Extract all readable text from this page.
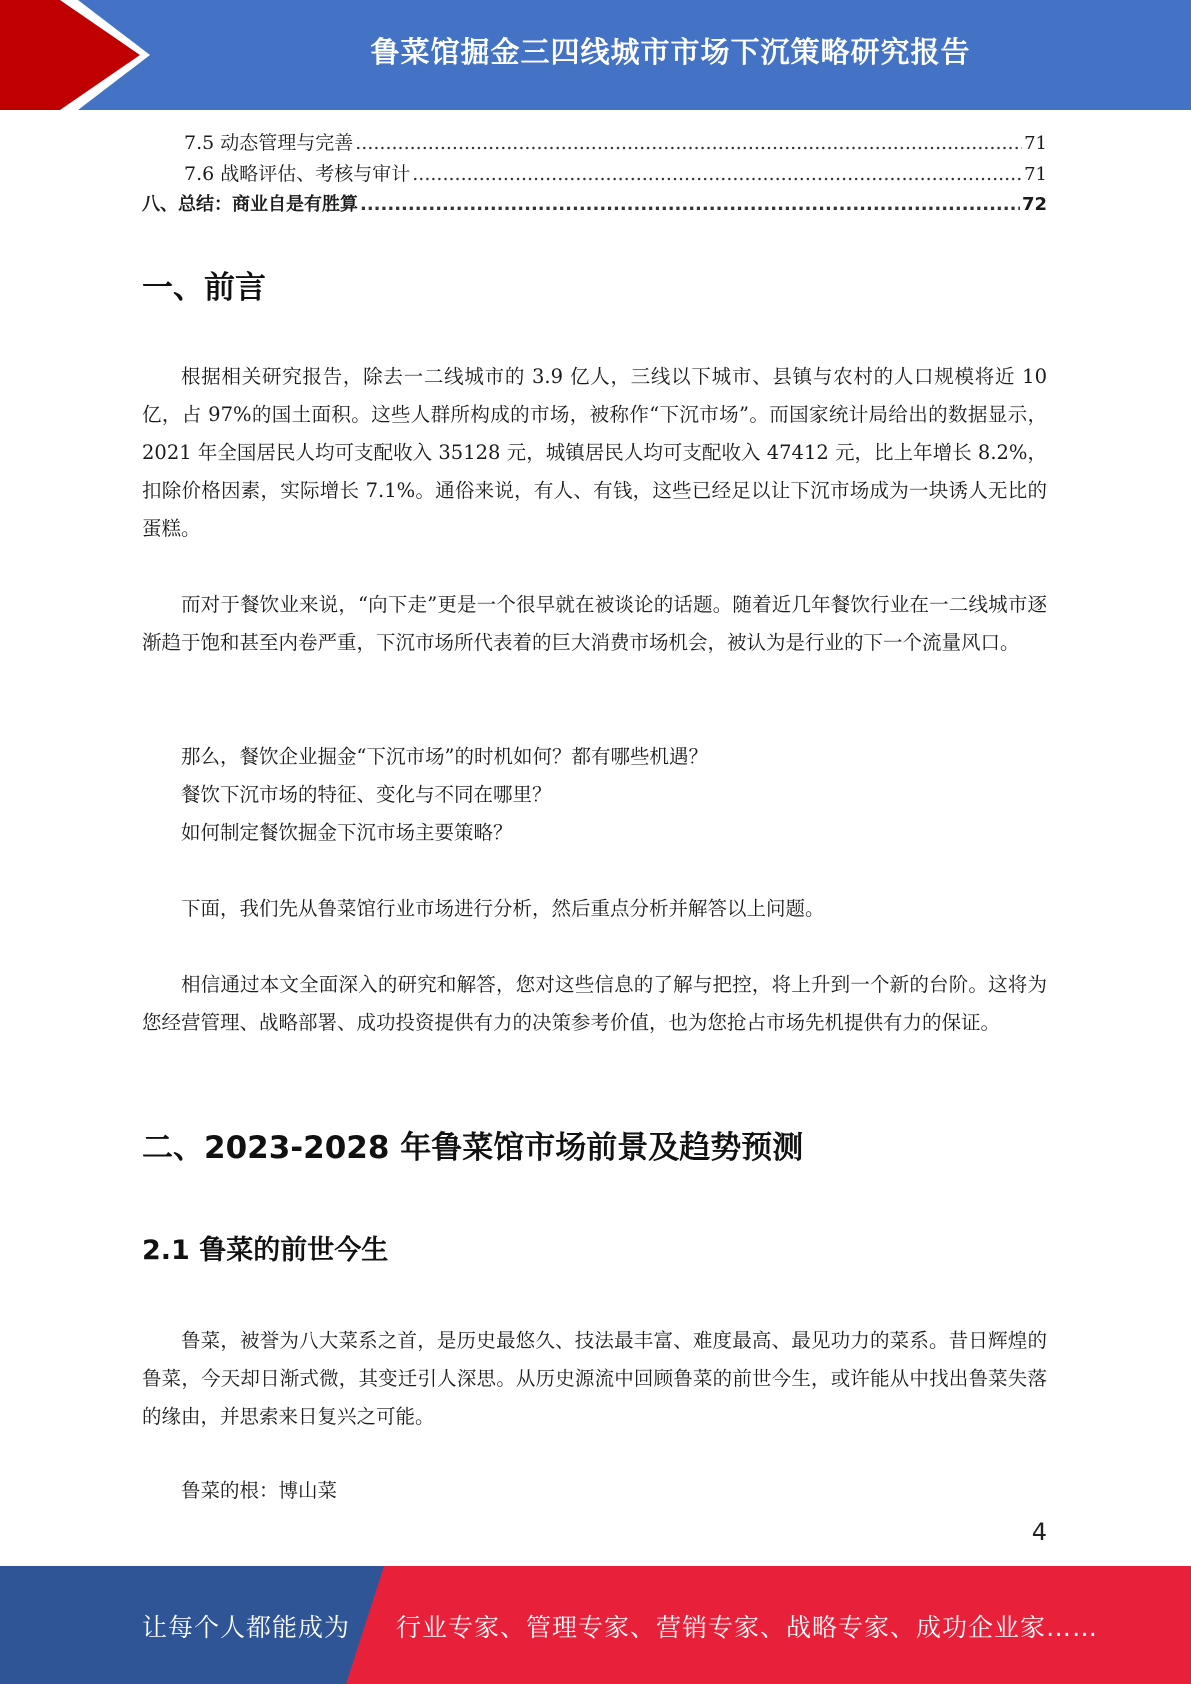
鲁菜馆掘金三四线城市市场下沉策略研究报告
7.5 动态管理与完善 .....	71
7.6 战略评估、考核与审计 .....	71
八、总结：商业自是有胜算 .....	72
一、前言

根据相关研究报告，除去一二线城市的 3.9 亿人，三线以下城市、县镇与农村的人口规模将近 10 亿，占 97%的国土面积。这些人群所构成的市场，被称作“下沉市场”。而国家统计局给出的数据显示，2021 年全国居民人均可支配收入 35128 元，城镇居民人均可支配收入 47412 元，比上年增长 8.2%，扣除价格因素，实际增长 7.1%。通俗来说，有人、有钱，这些已经足以让下沉市场成为一块诱人无比的蛋糕。

而对于餐饮业来说，“向下走”更是一个很早就在被谈论的话题。随着近几年餐饮行业在一二线城市逐渐趋于饱和甚至内卷严重，下沉市场所代表着的巨大消费市场机会，被认为是行业的下一个流量风口。

那么，餐饮企业掘金“下沉市场”的时机如何？都有哪些机遇？

餐饮下沉市场的特征、变化与不同在哪里？

如何制定餐饮掘金下沉市场主要策略？

下面，我们先从鲁菜馆行业市场进行分析，然后重点分析并解答以上问题。

相信通过本文全面深入的研究和解答，您对这些信息的了解与把控，将上升到一个新的台阶。这将为您经营管理、战略部署、成功投资提供有力的决策参考价值，也为您抢占市场先机提供有力的保证。

二、2023-2028 年鲁菜馆市场前景及趋势预测
2.1 鲁菜的前世今生

鲁菜，被誉为八大菜系之首，是历史最悠久、技法最丰富、难度最高、最见功力的菜系。昔日辉煌的鲁菜，今天却日渐式微，其变迁引人深思。从历史源流中回顾鲁菜的前世今生，或许能从中找出鲁菜失落的缘由，并思索来日复兴之可能。

鲁菜的根：博山菜

4
让每个人都能成为 行业专家、管理专家、营销专家、战略专家、成功企业家……
